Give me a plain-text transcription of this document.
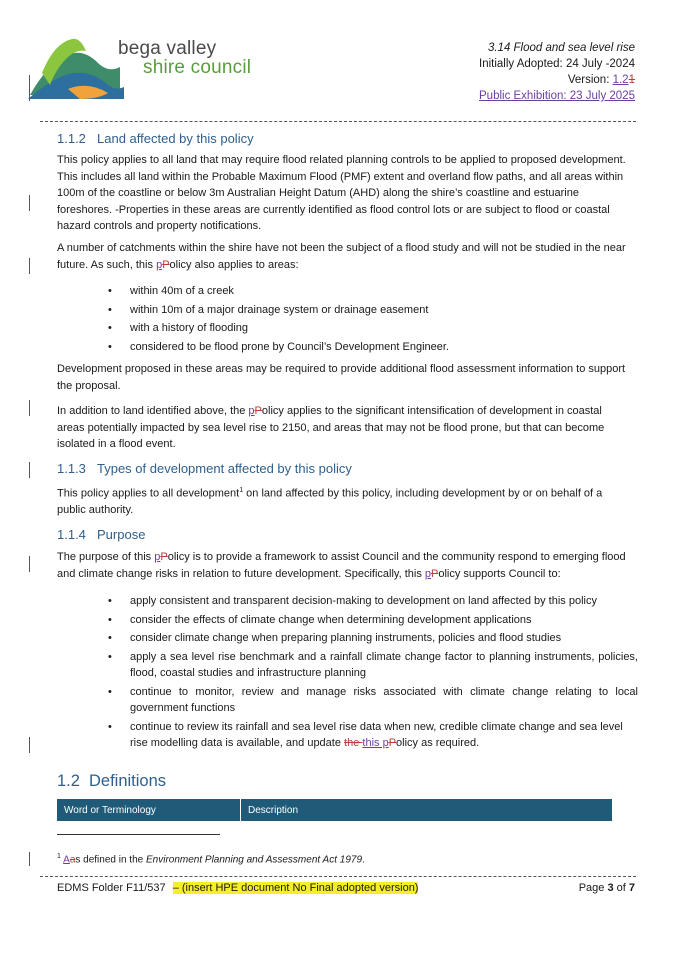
bega valley
shire council
3.14 Flood and sea level rise
Initially Adopted: 24 July -2024
Version: 1.21
Public Exhibition: 23 July 2025
1.1.2 Land affected by this policy

This policy applies to all land that may require flood related planning controls to be applied to proposed development. This includes all land within the Probable Maximum Flood (PMF) extent and overland flow paths, and all areas within 100m of the coastline or below 3m Australian Height Datum (AHD) along the shire’s coastline and estuarine foreshores. -Properties in these areas are currently identified as flood control lots or are subject to flood or coastal hazard controls and property notifications.

A number of catchments within the shire have not been the subject of a flood study and will not be studied in the near future. As such, this pPolicy also applies to areas:

• within 40m of a creek
• within 10m of a major drainage system or drainage easement
• with a history of flooding
• considered to be flood prone by Council’s Development Engineer.

Development proposed in these areas may be required to provide additional flood assessment information to support the proposal.

In addition to land identified above, the pPolicy applies to the significant intensification of development in coastal areas potentially impacted by sea level rise to 2150, and areas that may not be flood prone, but that can become isolated in a flood event.

1.1.3 Types of development affected by this policy

This policy applies to all development$^1$ on land affected by this policy, including development by or on behalf of a public authority.

1.1.4 Purpose

The purpose of this pPolicy is to provide a framework to assist Council and the community respond to emerging flood and climate change risks in relation to future development. Specifically, this pPolicy supports Council to:

• apply consistent and transparent decision-making to development on land affected by this policy
• consider the effects of climate change when determining development applications
• consider climate change when preparing planning instruments, policies and flood studies
• apply a sea level rise benchmark and a rainfall climate change factor to planning instruments, policies, flood, coastal studies and infrastructure planning
• continue to monitor, review and manage risks associated with climate change relating to local government functions
• continue to review its rainfall and sea level rise data when new, credible climate change and sea level rise modelling data is available, and update the this pPolicy as required.
1.2 Definitions
Word or Terminology	Description
$^1$ Aas defined in the Environment Planning and Assessment Act 1979.
EDMS Folder F11/537 – (insert HPE document No Final adopted version)	Page 3 of 7
